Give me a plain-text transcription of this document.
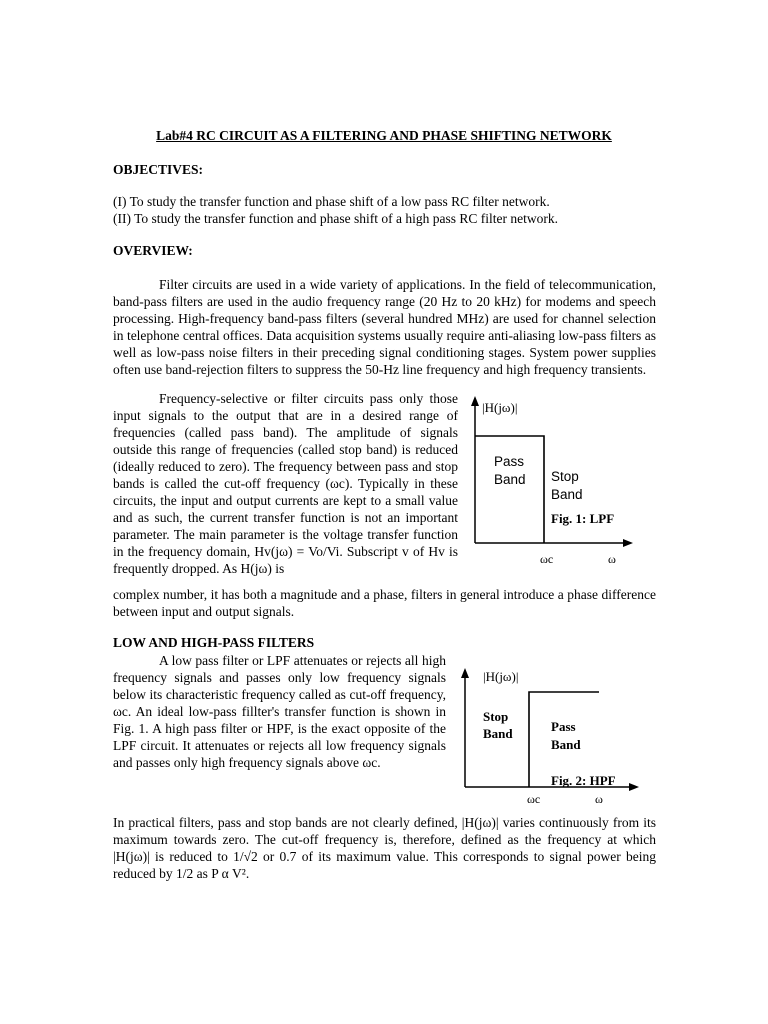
Lab#4 RC CIRCUIT AS A FILTERING AND PHASE SHIFTING NETWORK
OBJECTIVES:
(I) To study the transfer function and phase shift of a low pass RC filter network.
(II) To study the transfer function and phase shift of a high pass RC filter network.
OVERVIEW:
Filter circuits are used in a wide variety of applications. In the field of telecommunication, band-pass filters are used in the audio frequency range (20 Hz to 20 kHz) for modems and speech processing. High-frequency band-pass filters (several hundred MHz) are used for channel selection in telephone central offices. Data acquisition systems usually require anti-aliasing low-pass filters as well as low-pass noise filters in their preceding signal conditioning stages. System power supplies often use band-rejection filters to suppress the 50-Hz line frequency and high frequency transients.
Frequency-selective or filter circuits pass only those input signals to the output that are in a desired range of frequencies (called pass band). The amplitude of signals outside this range of frequencies (called stop band) is reduced (ideally reduced to zero). The frequency between pass and stop bands is called the cut-off frequency (ωc). Typically in these circuits, the input and output currents are kept to a small value and as such, the current transfer function is not an important parameter. The main parameter is the voltage transfer function in the frequency domain, Hv(jω) = Vo/Vi. Subscript v of Hv is frequently dropped. As H(jω) is
complex number, it has both a magnitude and a phase, filters in general introduce a phase difference between input and output signals.
|H(jω)|
Pass
Band Stop
Band
Fig. 1: LPF
ωc	ω
LOW AND HIGH-PASS FILTERS
A low pass filter or LPF attenuates or rejects all high frequency signals and passes only low frequency signals below its characteristic frequency called as cut-off frequency, ωc. An ideal low-pass fillter's transfer function is shown in Fig. 1. A high pass filter or HPF, is the exact opposite of the LPF circuit. It attenuates or rejects all low frequency signals and passes only high frequency signals above ωc.
|H(jω)|
Stop
Band	Pass
Band
Fig. 2: HPF
ωc	ω
In practical filters, pass and stop bands are not clearly defined, |H(jω)| varies continuously from its maximum towards zero. The cut-off frequency is, therefore, defined as the frequency at which |H(jω)| is reduced to 1/√2 or 0.7 of its maximum value. This corresponds to signal power being reduced by 1/2 as P α V².
